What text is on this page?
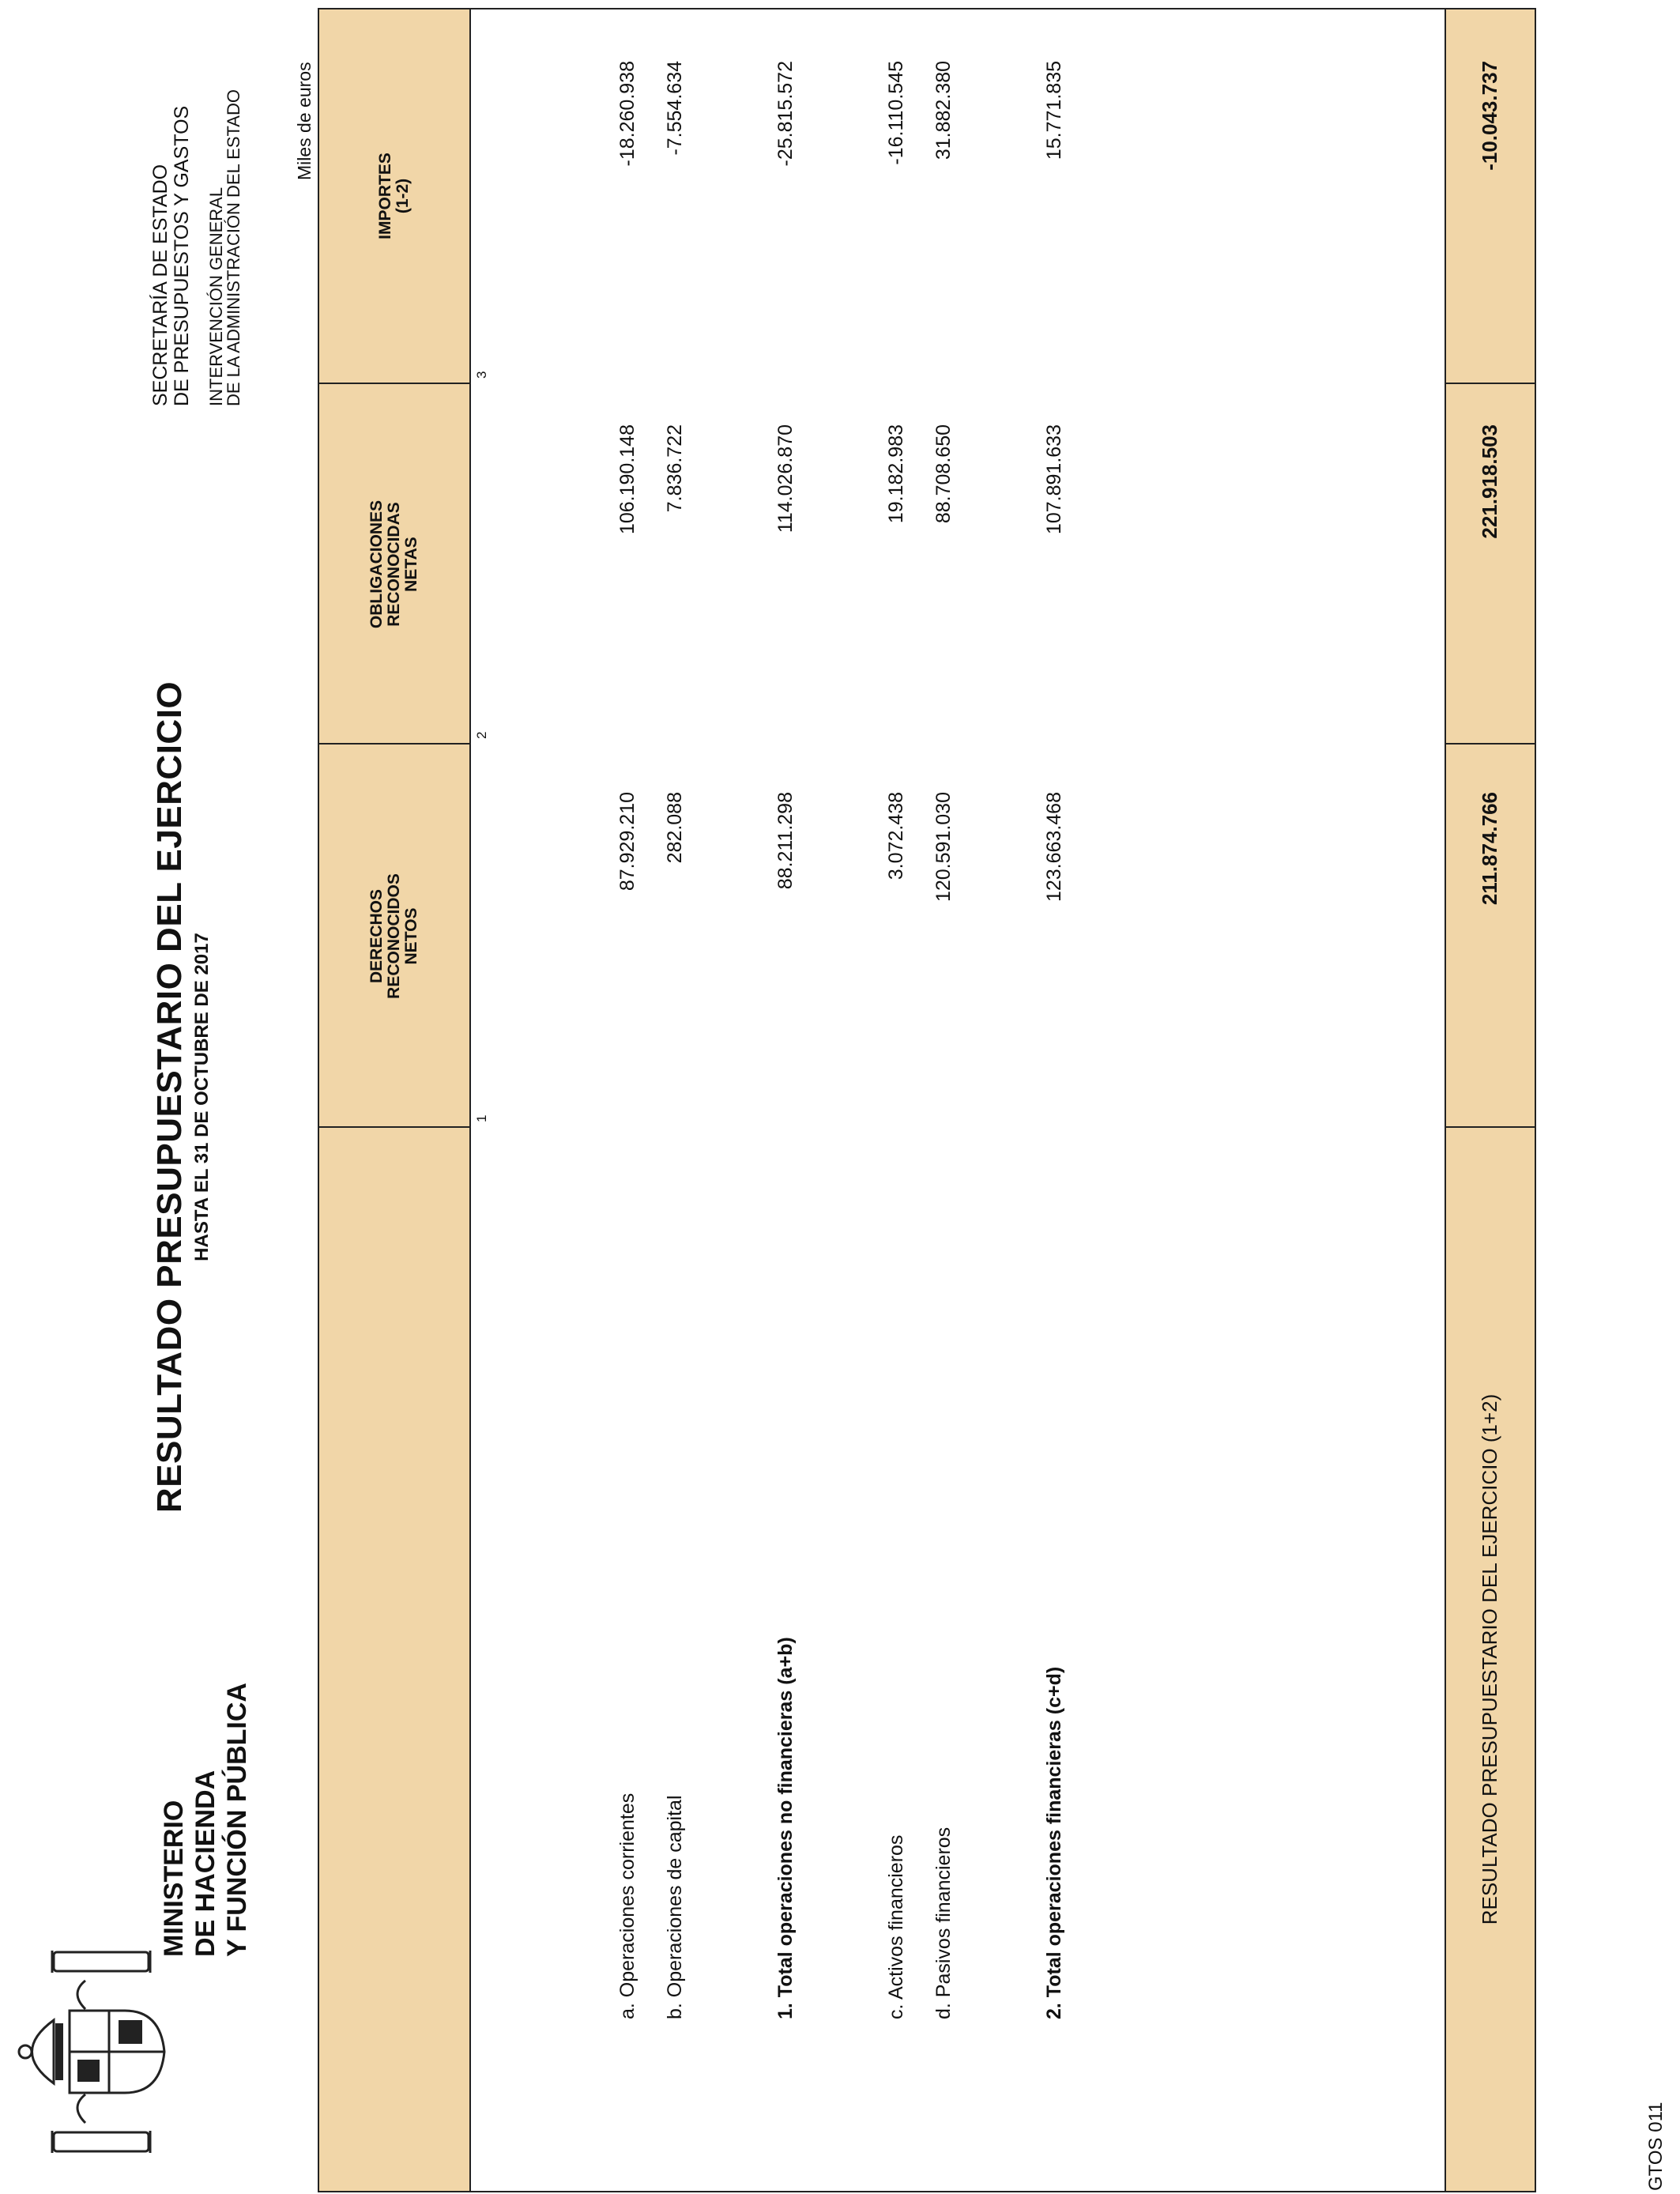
MINISTERIO
DE HACIENDA
Y FUNCIÓN PÚBLICA
RESULTADO PRESUPUESTARIO DEL EJERCICIO HASTA EL 31 DE OCTUBRE DE 2017
SECRETARÍA DE ESTADO
DE PRESUPUESTOS Y GASTOS
INTERVENCIÓN GENERAL
DE LA ADMINISTRACIÓN DEL ESTADO	Miles de euros
DERECHOS
RECONOCIDOS
NETOS
OBLIGACIONES
RECONOCIDAS
NETAS
IMPORTES
(1-2)
1
2
3
a. Operaciones corrientes
87.929.210
106.190.148
-18.260.938
b. Operaciones de capital
282.088
7.836.722
-7.554.634
1. Total operaciones no financieras (a+b)
88.211.298
114.026.870
-25.815.572
c. Activos financieros
3.072.438
19.182.983
-16.110.545
d. Pasivos financieros
120.591.030
88.708.650
31.882.380
2. Total operaciones financieras (c+d)
123.663.468
107.891.633
15.771.835
RESULTADO PRESUPUESTARIO DEL EJERCICIO (1+2)
211.874.766
221.918.503
-10.043.737
GTOS 011
